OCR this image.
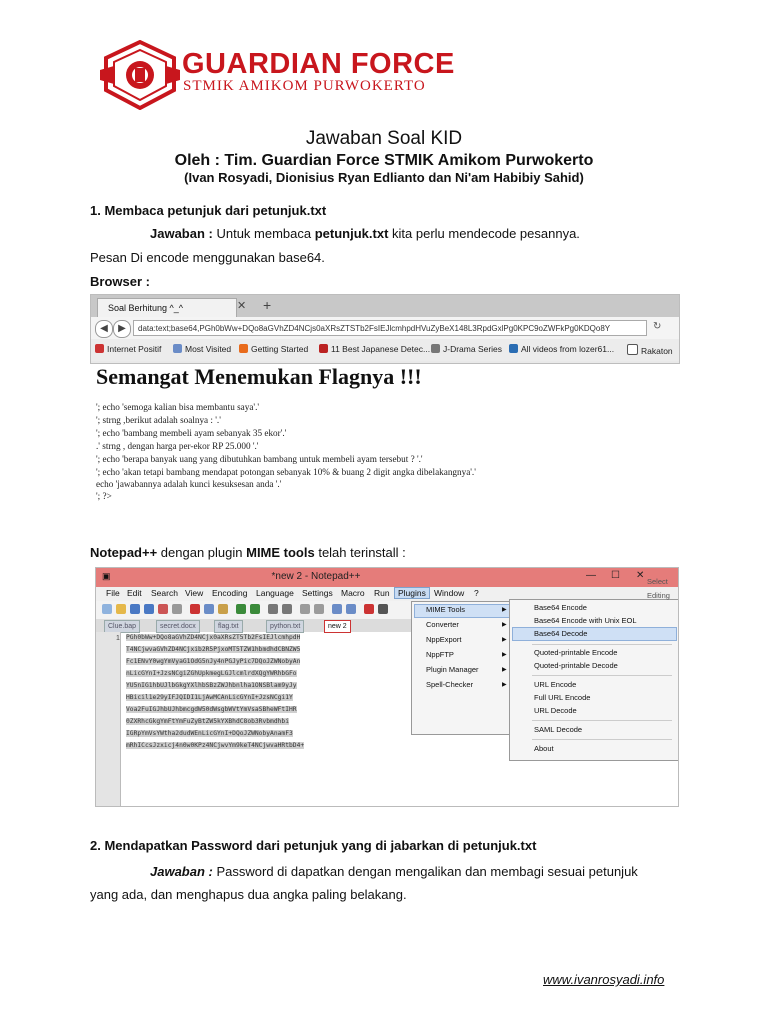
GUARDIAN FORCE
STMIK AMIKOM PURWOKERTO
Jawaban Soal KID
Oleh : Tim. Guardian Force STMIK Amikom Purwokerto
(Ivan Rosyadi, Dionisius Ryan Edlianto dan Ni'am Habibiy Sahid)
1. Membaca petunjuk dari petunjuk.txt
Jawaban : Untuk membaca petunjuk.txt kita perlu mendecode pesannya.
Pesan Di encode menggunakan base64.
Browser :
Soal Berhitung ^_^	✕ +
◀	▶	data:text;base64,PGh0bWw+DQo8aGVhZD4NCjs0aXRsZTSTb2FsIEJlcmhpdHVuZyBeX148L3RpdGxlPg0KPC9oZWFkPg0KDQo8Y	↻
Internet Positif	Most Visited	Getting Started	11 Best Japanese Detec...	J-Drama Series	All videos from lozer61...	Rakaton
Semangat Menemukan Flagnya !!!
'; echo 'semoga kalian bisa membantu saya'.'
'; strng ,berikut adalah soalnya : '.'
'; echo 'bambang membeli ayam sebanyak 35 ekor'.'
.' strng , dengan harga per-ekor RP 25.000 '.'
'; echo 'berapa banyak uang yang dibutuhkan bambang untuk membeli ayam tersebut ? '.'
'; echo 'akan tetapi bambang mendapat potongan sebanyak 10% & buang 2 digit angka dibelakangnya'.'
echo 'jawabannya adalah kunci kesuksesan anda '.'
'; ?>
Notepad++ dengan plugin MIME tools telah terinstall :
▣	*new 2 - Notepad++	— ☐ ✕
File Edit Search View Encoding Language Settings Macro Run Plugins Window ?
Clue.bap	secret.docx	flag.txt	python.txt	new 2
1 PGh0bWw+DQo8aGVhZD4NCjx0aXRsZT5Tb2FsIEJlcmhpdH
T4NCjwvaGVhZD4NCjxib2R5PjxoMT5TZW1hbmdhdCBNZW5
Fc1ENvY0wgYmVyaG1OdG5nJy4nPGJyPic7DQoJZWNobyAn
nLicGYnI+JzsNCgiZGhUpkmegLGJlcmlrdXQgYWRhbGFo
YU5nIG1hbUJlbGkgYXlhbSBzZWJhbnlha1ONSBlam9yJy
HBicil1e29yIFJQIDI1LjAwMCAnLicGYnI+JzsNCgi1Y
Voa2FuIGJhbUJhbmcgdW50dWsgbWVtYmVsaSBheWFtIHR
0ZXRhcGkgYmFtYmFuZyBtZW5kYXBhdC8ob3Rvbmdhbi
IGRpYmVsYWtha2dudWEnLicGYnI+DQoJZWNobyAnamF3
mRhICcsJzxicj4n0w0KPz4NCjwvYm9keT4NCjwvaHRtbD4+
MIME Tools	▶
Converter	▶
NppExport	▶
NppFTP	▶
Plugin Manager	▶
Spell-Checker	▶
Base64 Encode
Base64 Encode with Unix EOL
Base64 Decode
Quoted-printable Encode
Quoted-printable Decode
URL Encode
Full URL Encode
URL Decode
SAML Decode
About
Select
Editing
2. Mendapatkan Password dari petunjuk yang di jabarkan di petunjuk.txt
Jawaban : Password di dapatkan dengan mengalikan dan membagi sesuai petunjuk
yang ada, dan menghapus dua angka paling belakang.
www.ivanrosyadi.info
